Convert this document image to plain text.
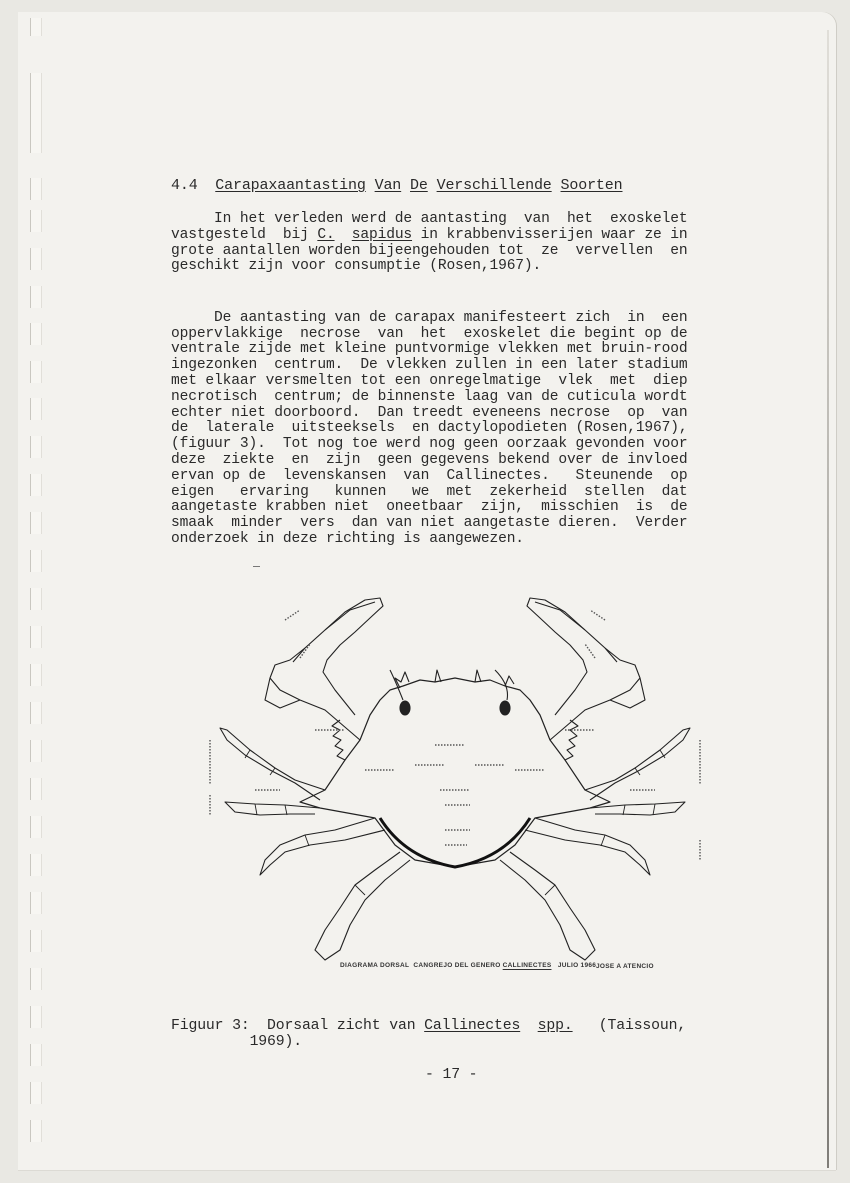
4.4 Carapaxaantasting Van De Verschillende Soorten
In het verleden werd de aantasting  van  het  exoskelet
vastgesteld  bij C. sapidus in krabbenvisserijen waar ze in
grote aantallen worden bijeengehouden tot  ze  vervellen  en
geschikt zijn voor consumptie (Rosen,1967).

De aantasting van de carapax manifesteert zich  in  een
oppervlakkige  necrose  van  het  exoskelet die begint op de
ventrale zijde met kleine puntvormige vlekken met bruin-rood
ingezonken  centrum.  De vlekken zullen in een later stadium
met elkaar versmelten tot een onregelmatige  vlek  met  diep
necrotisch  centrum; de binnenste laag van de cuticula wordt
echter niet doorboord.  Dan treedt eveneens necrose  op  van
de  laterale  uitsteeksels  en dactylopodieten (Rosen,1967),
(figuur 3).  Tot nog toe werd nog geen oorzaak gevonden voor
deze  ziekte  en  zijn  geen gegevens bekend over de invloed
ervan op de  levenskansen  van  Callinectes.   Steunende  op
eigen   ervaring   kunnen   we  met  zekerheid  stellen  dat
aangetaste krabben niet  oneetbaar  zijn,  misschien  is  de
smaak  minder  vers  dan van niet aangetaste dieren.  Verder
onderzoek in deze richting is aangewezen.

DIAGRAMA DORSAL  CANGREJO DEL GENERO CALLINECTES JULIO 1966 JOSE A ATENCIO
Figuur 3:  Dorsaal zicht van Callinectes spp.   (Taissoun,
1969).
- 17 -
